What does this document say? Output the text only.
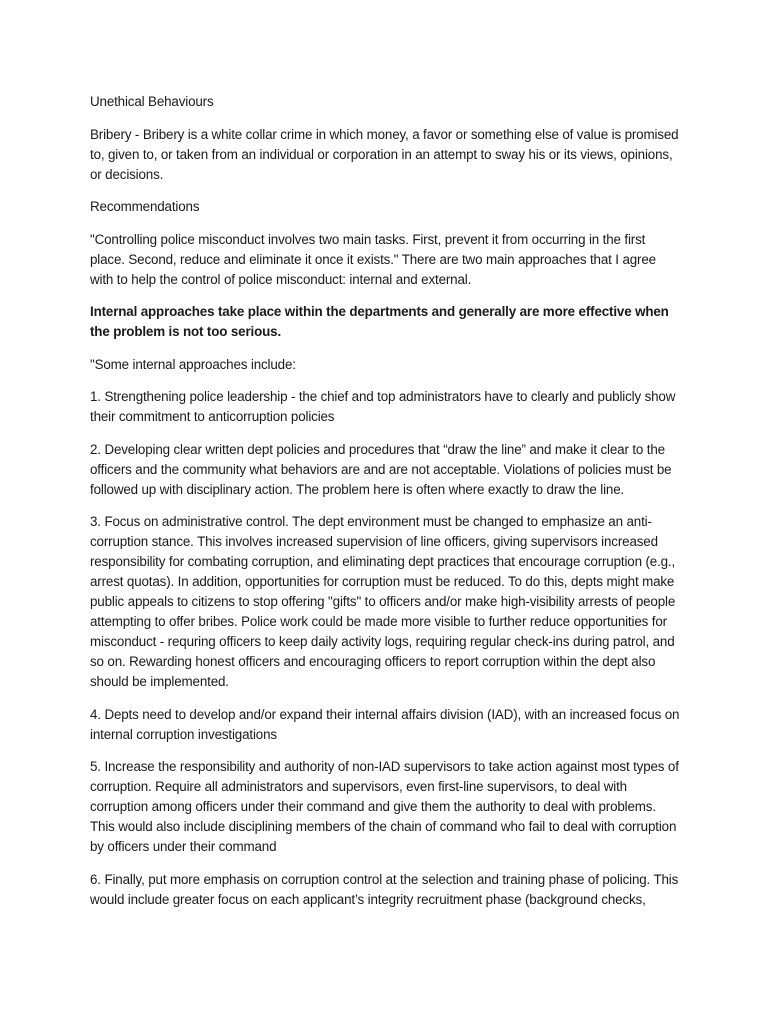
Unethical Behaviours

Bribery - Bribery is a white collar crime in which money, a favor or something else of value is promised to, given to, or taken from an individual or corporation in an attempt to sway his or its views, opinions, or decisions.

Recommendations

"Controlling police misconduct involves two main tasks. First, prevent it from occurring in the first place. Second, reduce and eliminate it once it exists." There are two main approaches that I agree with to help the control of police misconduct: internal and external.

Internal approaches take place within the departments and generally are more effective when the problem is not too serious.

"Some internal approaches include:

1. Strengthening police leadership - the chief and top administrators have to clearly and publicly show their commitment to anticorruption policies

2. Developing clear written dept policies and procedures that “draw the line” and make it clear to the officers and the community what behaviors are and are not acceptable. Violations of policies must be followed up with disciplinary action. The problem here is often where exactly to draw the line.

3. Focus on administrative control. The dept environment must be changed to emphasize an anti-corruption stance. This involves increased supervision of line officers, giving supervisors increased responsibility for combating corruption, and eliminating dept practices that encourage corruption (e.g., arrest quotas). In addition, opportunities for corruption must be reduced. To do this, depts might make public appeals to citizens to stop offering "gifts" to officers and/or make high-visibility arrests of people attempting to offer bribes. Police work could be made more visible to further reduce opportunities for misconduct - requring officers to keep daily activity logs, requiring regular check-ins during patrol, and so on. Rewarding honest officers and encouraging officers to report corruption within the dept also should be implemented.

4. Depts need to develop and/or expand their internal affairs division (IAD), with an increased focus on internal corruption investigations

5. Increase the responsibility and authority of non-IAD supervisors to take action against most types of corruption. Require all administrators and supervisors, even first-line supervisors, to deal with corruption among officers under their command and give them the authority to deal with problems. This would also include disciplining members of the chain of command who fail to deal with corruption by officers under their command

6. Finally, put more emphasis on corruption control at the selection and training phase of policing. This would include greater focus on each applicant’s integrity recruitment phase (background checks,
